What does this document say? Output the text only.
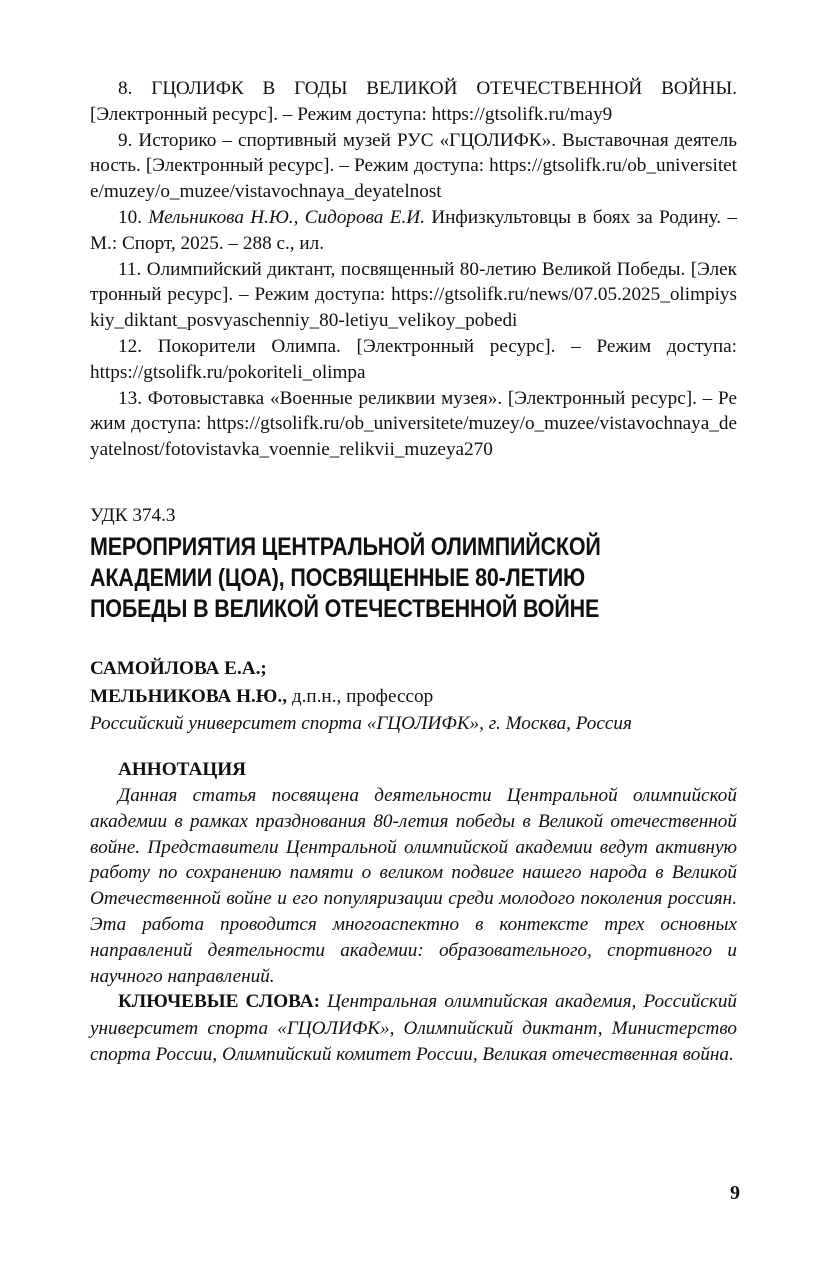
8. ГЦОЛИФК В ГОДЫ ВЕЛИКОЙ ОТЕЧЕСТВЕННОЙ ВОЙНЫ. [Электронный ресурс]. – Режим доступа: https://gtsolifk.ru/may9

9. Историко – спортивный музей РУС «ГЦОЛИФК». Выставочная деятельность. [Электронный ресурс]. – Режим доступа: https://gtsolifk.ru/ob_universitete/muzey/o_muzee/vistavochnaya_deyatelnost

10. Мельникова Н.Ю., Сидорова Е.И. Инфизкультовцы в боях за Родину. – М.: Спорт, 2025. – 288 с., ил.

11. Олимпийский диктант, посвященный 80-летию Великой Победы. [Электронный ресурс]. – Режим доступа: https://gtsolifk.ru/news/07.05.2025_olimpiyskiy_diktant_posvyaschenniy_80-letiyu_velikoy_pobedi

12. Покорители Олимпа. [Электронный ресурс]. – Режим доступа: https://gtsolifk.ru/pokoriteli_olimpa

13. Фотовыставка «Военные реликвии музея». [Электронный ресурс]. – Режим доступа: https://gtsolifk.ru/ob_universitete/muzey/o_muzee/vistavochnaya_deyatelnost/fotovistavka_voennie_relikvii_muzeya270

УДК 374.3

МЕРОПРИЯТИЯ ЦЕНТРАЛЬНОЙ ОЛИМПИЙСКОЙ
АКАДЕМИИ (ЦОА), ПОСВЯЩЕННЫЕ 80-ЛЕТИЮ
ПОБЕДЫ В ВЕЛИКОЙ ОТЕЧЕСТВЕННОЙ ВОЙНЕ
САМОЙЛОВА Е.А.;
МЕЛЬНИКОВА Н.Ю., д.п.н., профессор
Российский университет спорта «ГЦОЛИФК», г. Москва, Россия

АННОТАЦИЯ

Данная статья посвящена деятельности Центральной олимпийской академии в рамках празднования 80-летия победы в Великой отечественной войне. Представители Центральной олимпийской академии ведут активную работу по сохранению памяти о великом подвиге нашего народа в Великой Отечественной войне и его популяризации среди молодого поколения россиян. Эта работа проводится многоаспектно в контексте трех основных направлений деятельности академии: образовательного, спортивного и научного направлений.

КЛЮЧЕВЫЕ СЛОВА: Центральная олимпийская академия, Российский университет спорта «ГЦОЛИФК», Олимпийский диктант, Министерство спорта России, Олимпийский комитет России, Великая отечественная война.

9
